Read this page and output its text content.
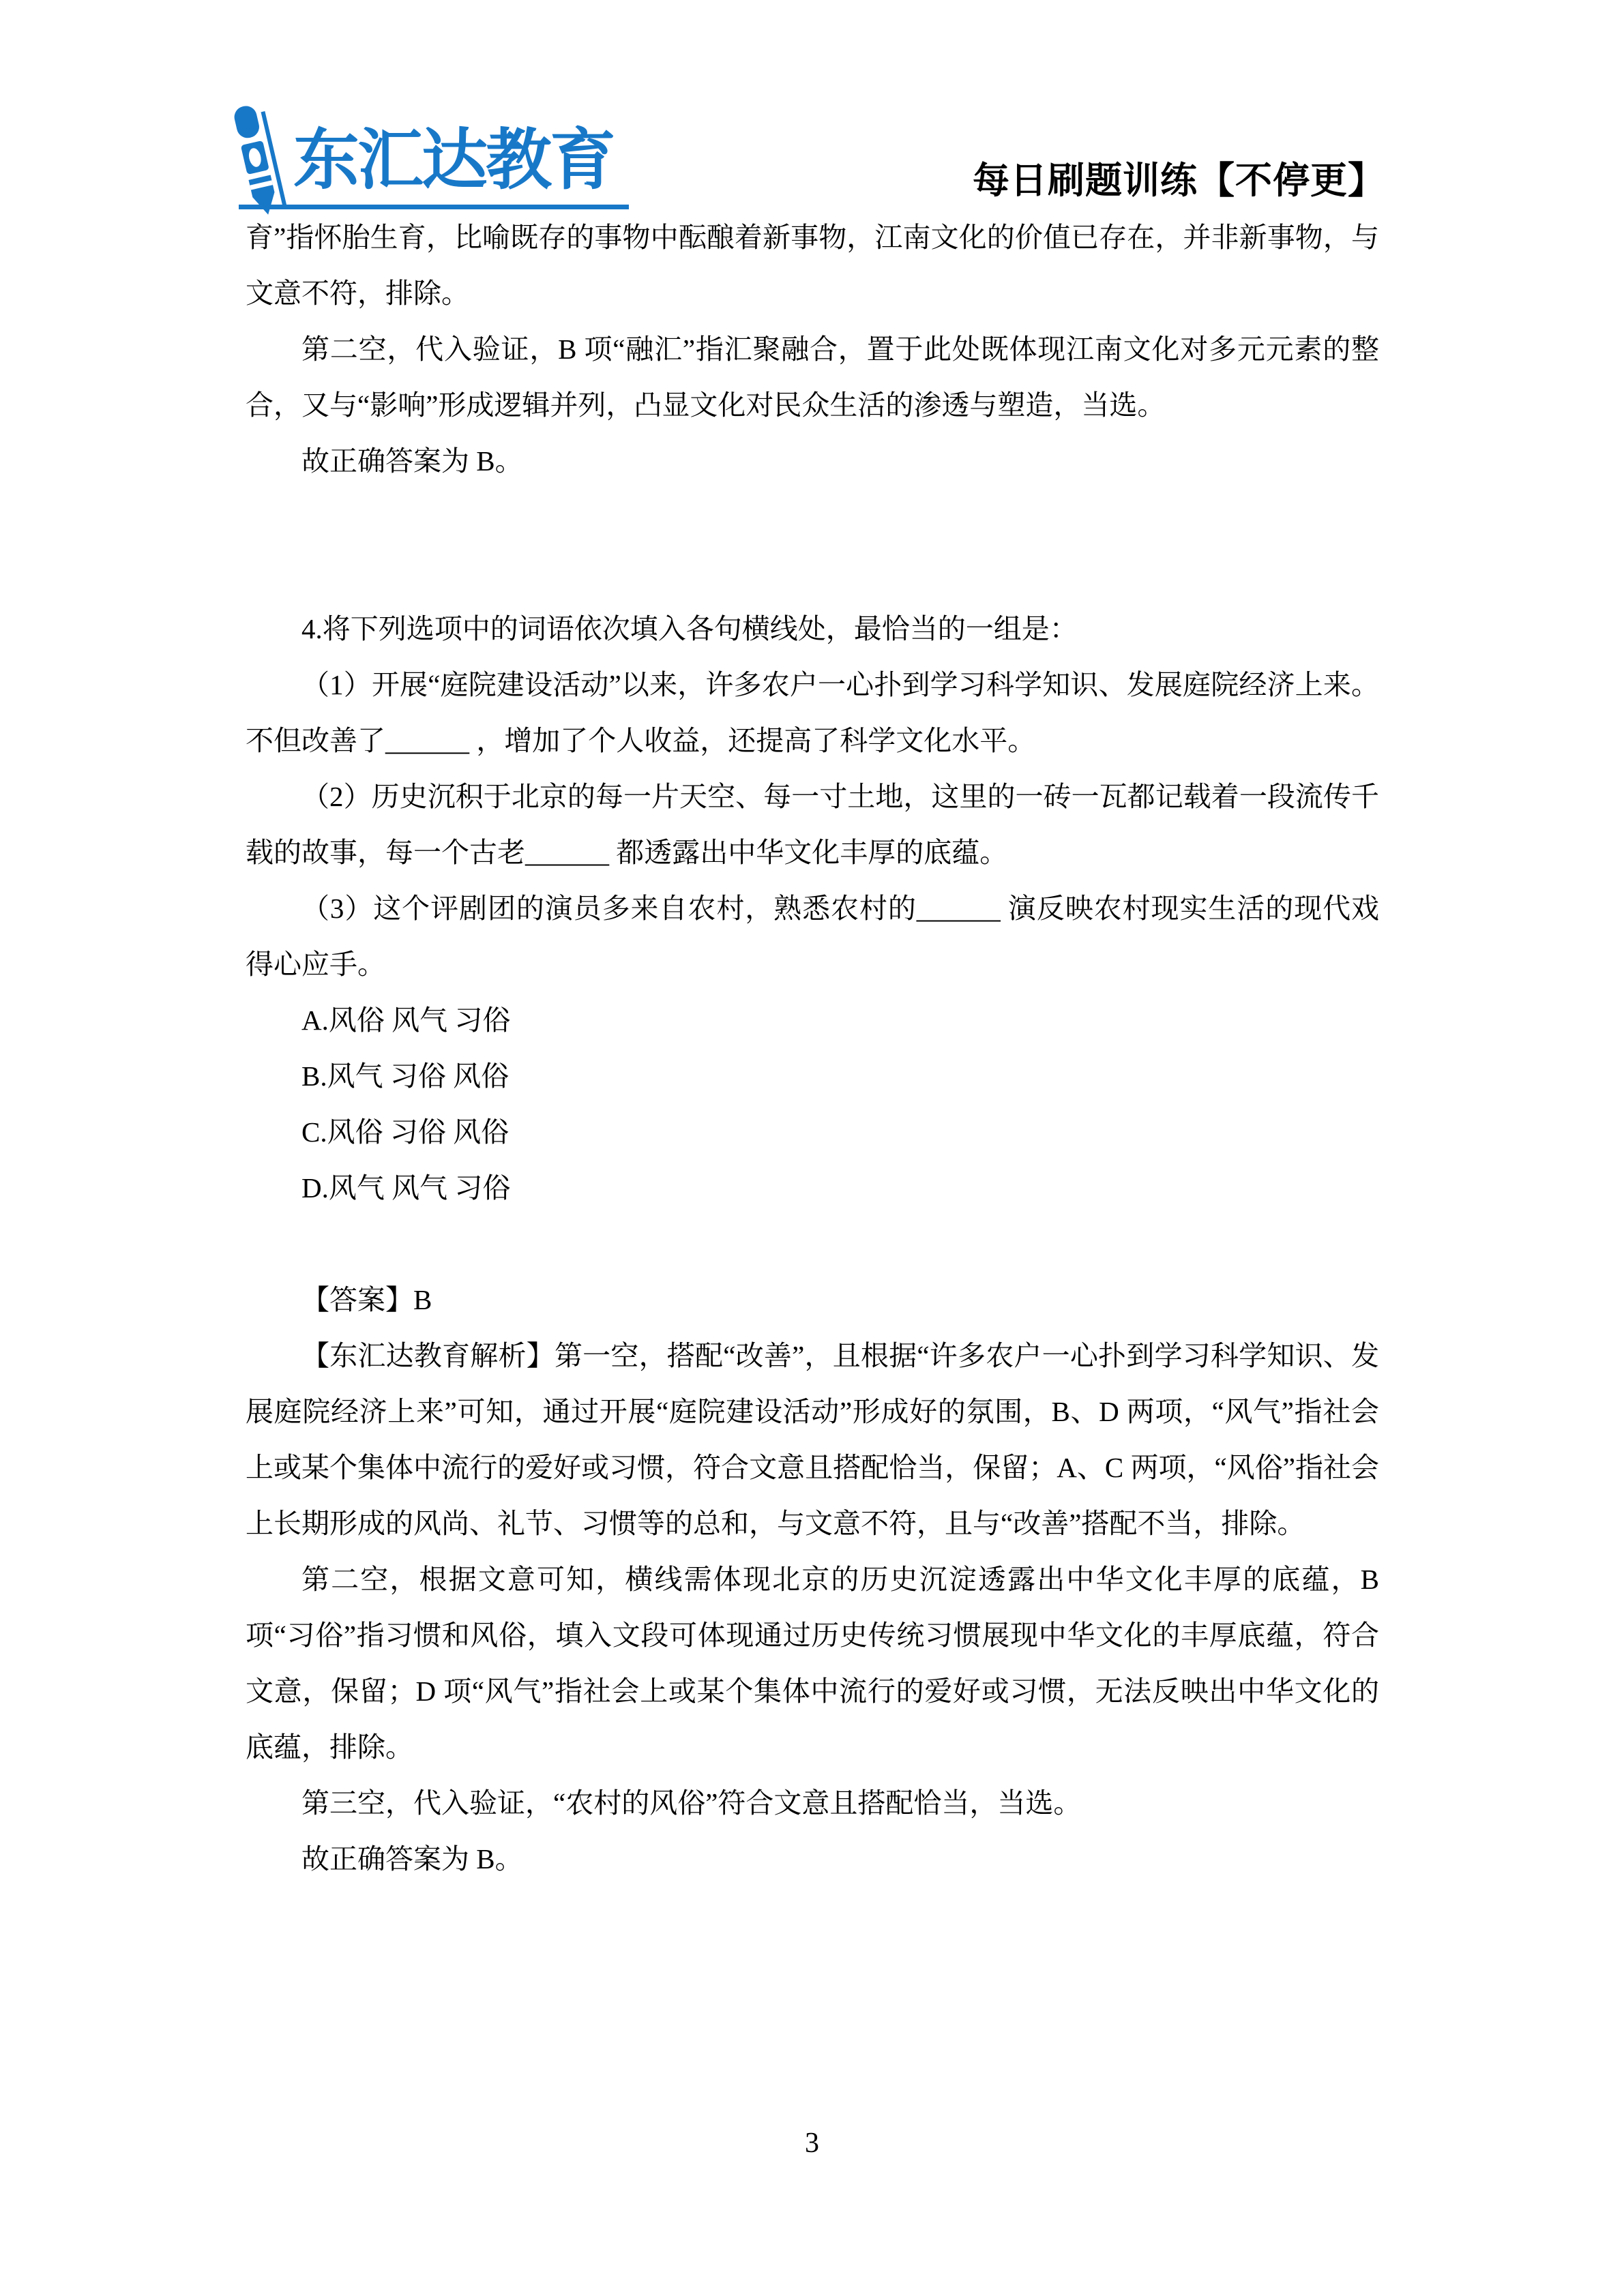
东汇达教育	每日刷题训练【不停更】
育”指怀胎生育，比喻既存的事物中酝酿着新事物，江南文化的价值已存在，并非新事物，与文意不符，排除。
第二空，代入验证，B 项“融汇”指汇聚融合，置于此处既体现江南文化对多元元素的整合，又与“影响”形成逻辑并列，凸显文化对民众生活的渗透与塑造，当选。
故正确答案为 B。
4.将下列选项中的词语依次填入各句横线处，最恰当的一组是：
（1）开展“庭院建设活动”以来，许多农户一心扑到学习科学知识、发展庭院经济上来。不但改善了______ ，增加了个人收益，还提高了科学文化水平。
（2）历史沉积于北京的每一片天空、每一寸土地，这里的一砖一瓦都记载着一段流传千载的故事，每一个古老______ 都透露出中华文化丰厚的底蕴。
（3）这个评剧团的演员多来自农村，熟悉农村的______ 演反映农村现实生活的现代戏得心应手。
A.风俗 风气 习俗
B.风气 习俗 风俗
C.风俗 习俗 风俗
D.风气 风气 习俗
【答案】B
【东汇达教育解析】第一空，搭配“改善”，且根据“许多农户一心扑到学习科学知识、发展庭院经济上来”可知，通过开展“庭院建设活动”形成好的氛围，B、D 两项，“风气”指社会上或某个集体中流行的爱好或习惯，符合文意且搭配恰当，保留；A、C 两项，“风俗”指社会上长期形成的风尚、礼节、习惯等的总和，与文意不符，且与“改善”搭配不当，排除。
第二空，根据文意可知，横线需体现北京的历史沉淀透露出中华文化丰厚的底蕴，B 项“习俗”指习惯和风俗，填入文段可体现通过历史传统习惯展现中华文化的丰厚底蕴，符合文意，保留；D 项“风气”指社会上或某个集体中流行的爱好或习惯，无法反映出中华文化的底蕴，排除。
第三空，代入验证，“农村的风俗”符合文意且搭配恰当，当选。
故正确答案为 B。
3
